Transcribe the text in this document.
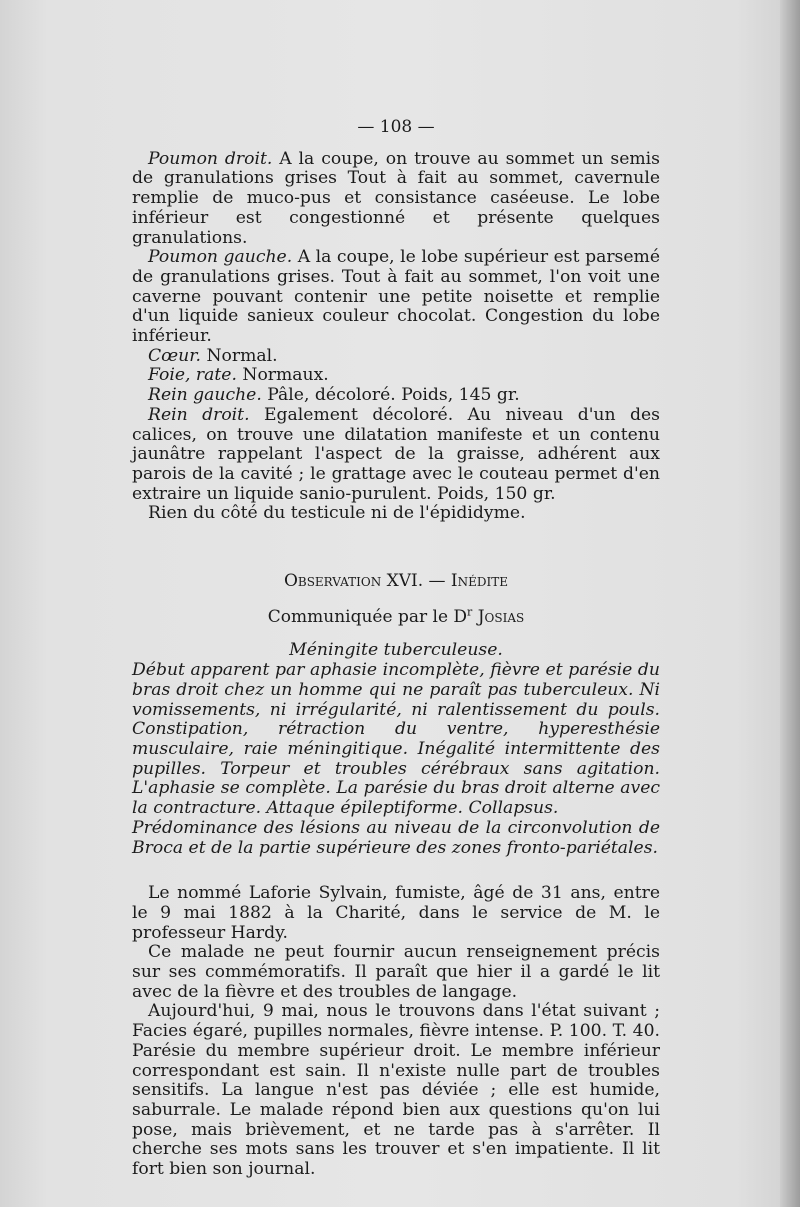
— 108 —

Poumon droit. A la coupe, on trouve au sommet un semis de granulations grises Tout à fait au sommet, cavernule remplie de muco-pus et consistance caséeuse. Le lobe inférieur est congestionné et présente quelques granulations.

Poumon gauche. A la coupe, le lobe supérieur est parsemé de granulations grises. Tout à fait au sommet, l'on voit une caverne pouvant contenir une petite noisette et remplie d'un liquide sanieux couleur chocolat. Congestion du lobe inférieur.

Cœur. Normal.

Foie, rate. Normaux.

Rein gauche. Pâle, décoloré. Poids, 145 gr.

Rein droit. Egalement décoloré. Au niveau d'un des calices, on trouve une dilatation manifeste et un contenu jaunâtre rappelant l'aspect de la graisse, adhérent aux parois de la cavité ; le grattage avec le couteau permet d'en extraire un liquide sanio-purulent. Poids, 150 gr.

Rien du côté du testicule ni de l'épididyme.

Observation XVI. — Inédite
Communiquée par le $D^r$ Josias
Méningite tuberculeuse.

Début apparent par aphasie incomplète, fièvre et parésie du bras droit chez un homme qui ne paraît pas tuberculeux. Ni vomissements, ni irrégularité, ni ralentissement du pouls. Constipation, rétraction du ventre, hyperesthésie musculaire, raie méningitique. Inégalité intermittente des pupilles. Torpeur et troubles cérébraux sans agitation. L'aphasie se complète. La parésie du bras droit alterne avec la contracture. Attaque épileptiforme. Collapsus.

Prédominance des lésions au niveau de la circonvolution de Broca et de la partie supérieure des zones fronto-pariétales.

Le nommé Laforie Sylvain, fumiste, âgé de 31 ans, entre le 9 mai 1882 à la Charité, dans le service de M. le professeur Hardy.

Ce malade ne peut fournir aucun renseignement précis sur ses commémoratifs. Il paraît que hier il a gardé le lit avec de la fièvre et des troubles de langage.

Aujourd'hui, 9 mai, nous le trouvons dans l'état suivant ; Facies égaré, pupilles normales, fièvre intense. P. 100. T. 40. Parésie du membre supérieur droit. Le membre inférieur correspondant est sain. Il n'existe nulle part de troubles sensitifs. La langue n'est pas déviée ; elle est humide, saburrale. Le malade répond bien aux questions qu'on lui pose, mais brièvement, et ne tarde pas à s'arrêter. Il cherche ses mots sans les trouver et s'en impatiente. Il lit fort bien son journal.
